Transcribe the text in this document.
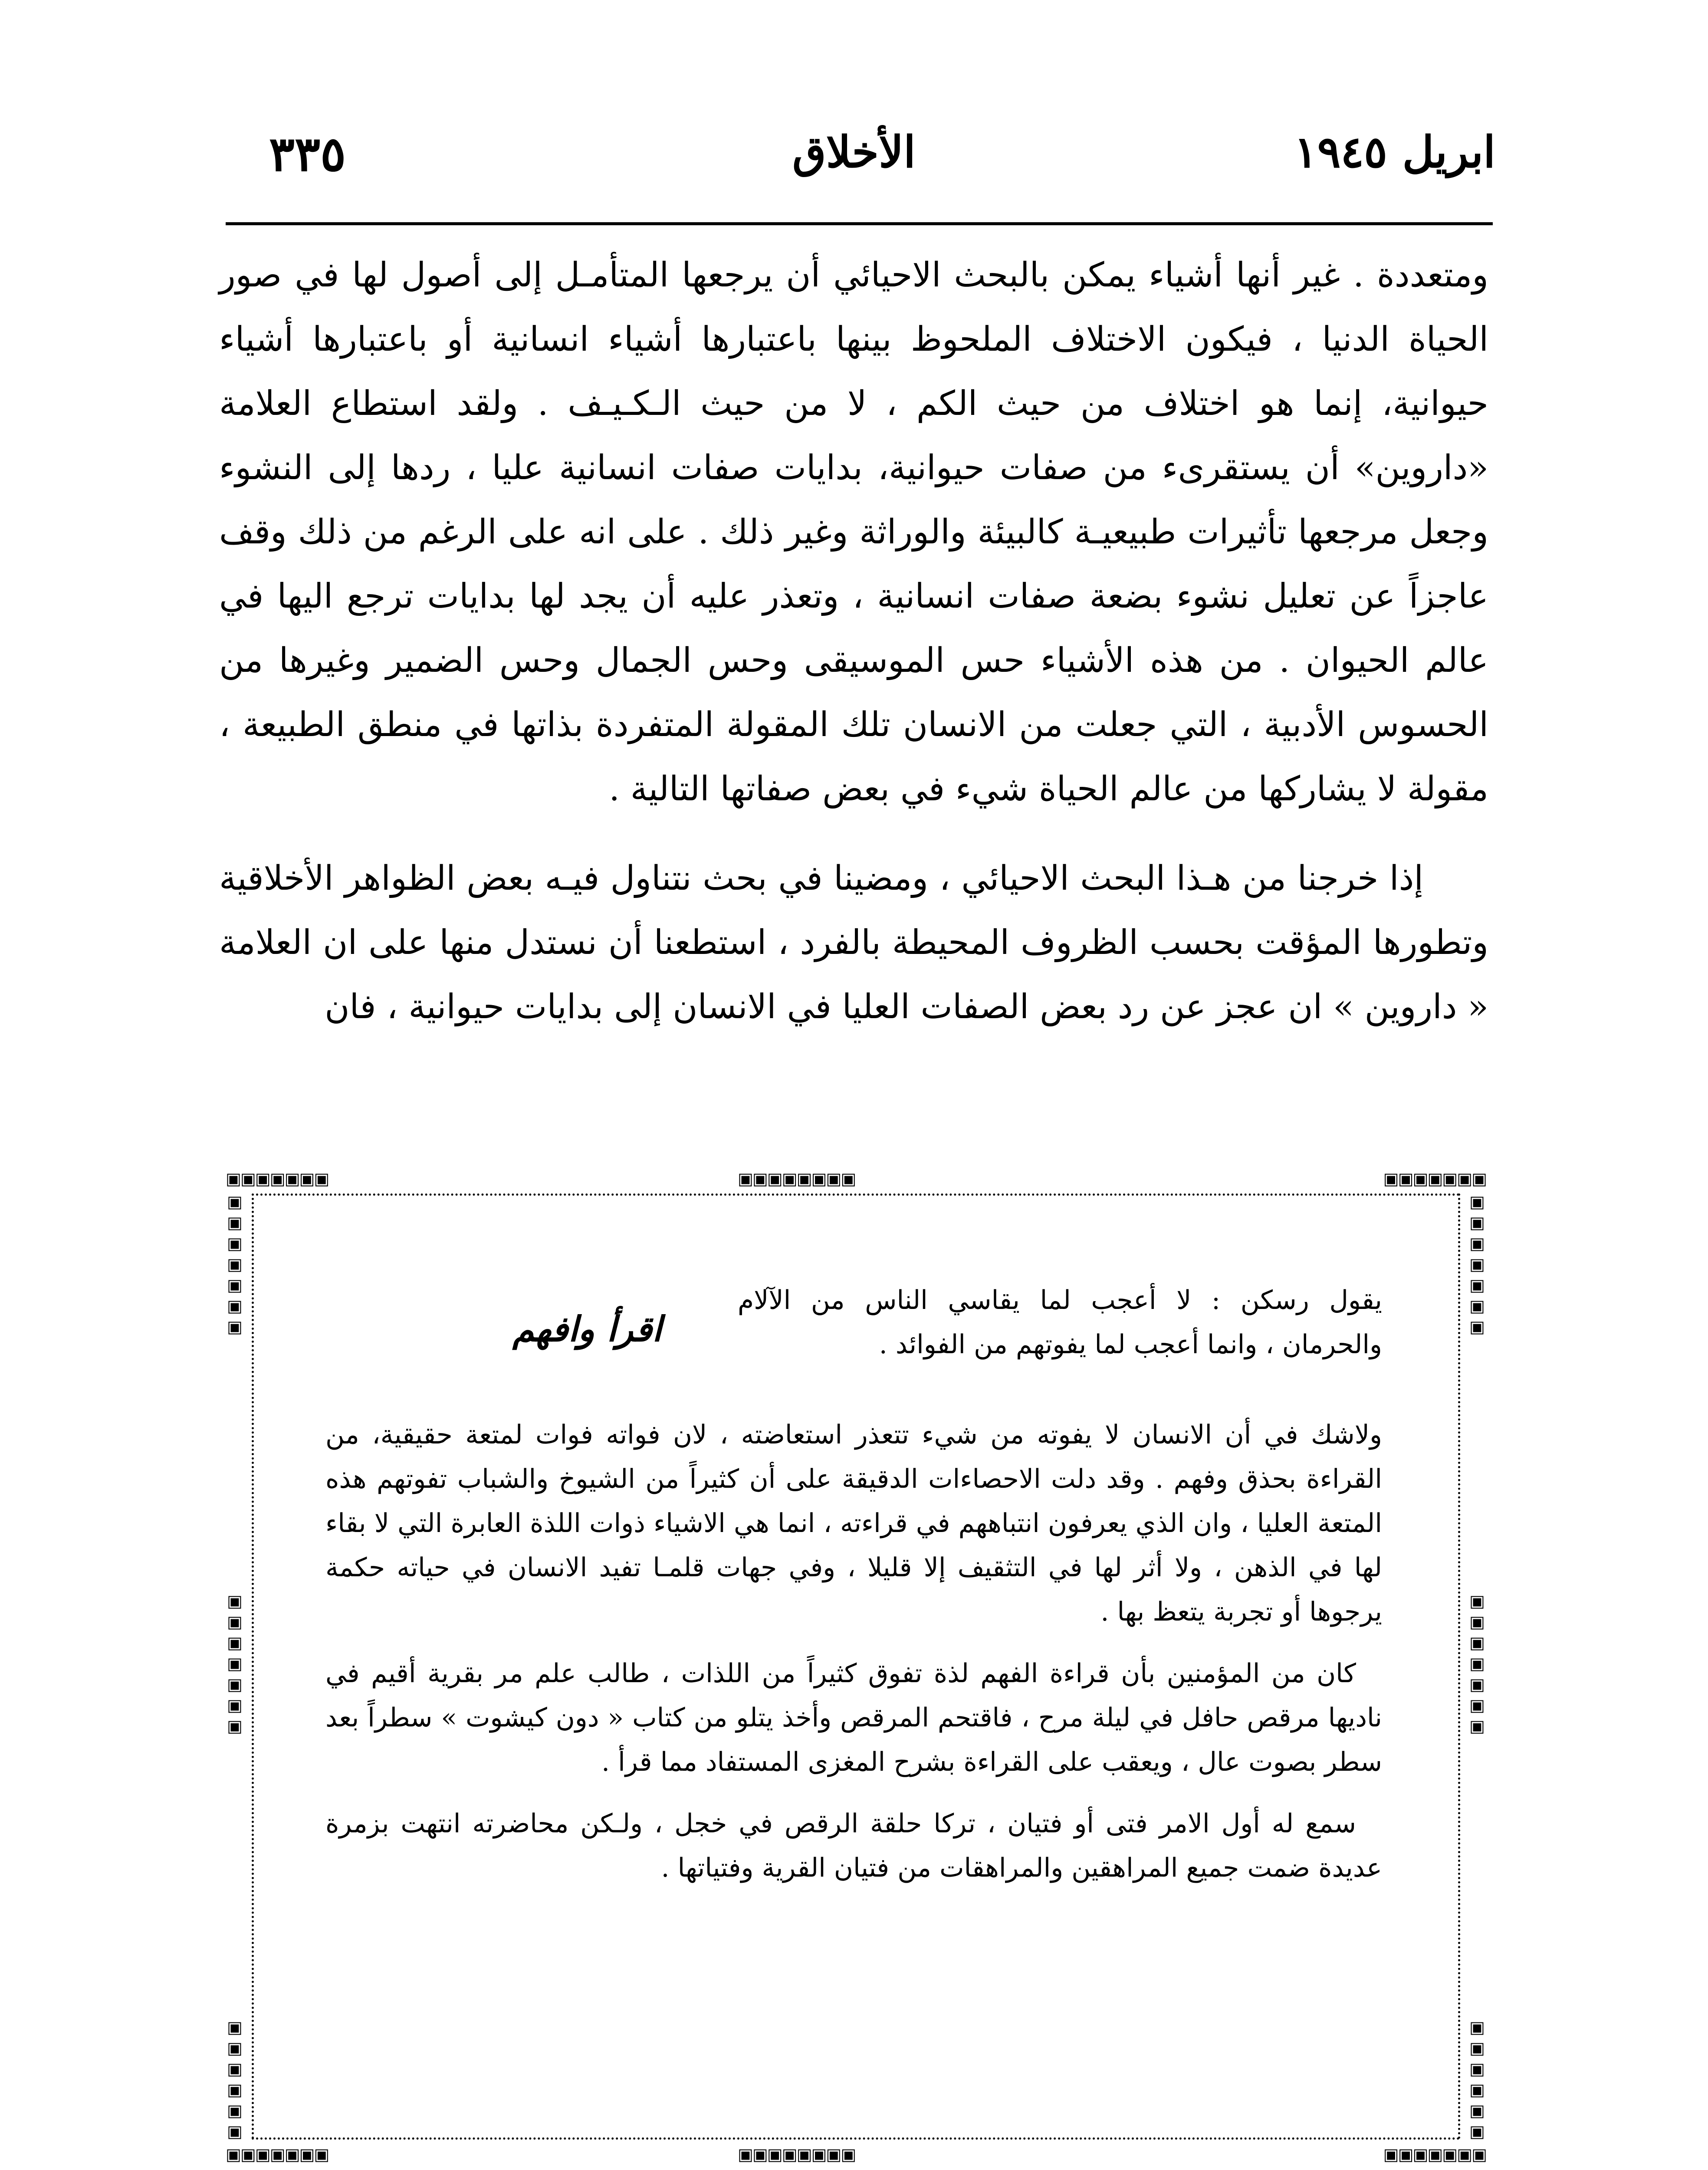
ابريل ١٩٤٥
الأخلاق
٣٣٥

ومتعددة . غير أنها أشياء يمكن بالبحث الاحيائي أن يرجعها المتأمـل إلى أصول لها في صور الحياة الدنيا ، فيكون الاختلاف الملحوظ بينها باعتبارها أشياء انسانية أو باعتبارها أشياء حيوانية، إنما هو اختلاف من حيث الكم ، لا من حيث الـكـيـف . ولقد استطاع العلامة «داروين» أن يستقرىء من صفات حيوانية، بدايات صفات انسانية عليا ، ردها إلى النشوء وجعل مرجعها تأثيرات طبيعيـة كالبيئة والوراثة وغير ذلك . على انه على الرغم من ذلك وقف عاجزاً عن تعليل نشوء بضعة صفات انسانية ، وتعذر عليه أن يجد لها بدايات ترجع اليها في عالم الحيوان . من هذه الأشياء حس الموسيقى وحس الجمال وحس الضمير وغيرها من الحسوس الأدبية ، التي جعلت من الانسان تلك المقولة المتفردة بذاتها في منطق الطبيعة ، مقولة لا يشاركها من عالم الحياة شيء في بعض صفاتها التالية .

إذا خرجنا من هـذا البحث الاحيائي ، ومضينا في بحث نتناول فيـه بعض الظواهر الأخلاقية وتطورها المؤقت بحسب الظروف المحيطة بالفرد ، استطعنا أن نستدل منها على ان العلامة « داروين » ان عجز عن رد بعض الصفات العليا في الانسان إلى بدايات حيوانية ، فان

▣▣▣▣▣▣▣	▣▣▣▣▣▣▣▣	▣▣▣▣▣▣▣
▣▣▣▣▣▣▣	▣▣▣▣▣▣▣▣	▣▣▣▣▣▣▣
▣
▣
▣
▣
▣
▣
▣
▣
▣
▣
▣
▣
▣
▣
▣
▣
▣
▣
▣
▣
▣
▣
▣
▣
▣
▣
▣
▣
▣
▣
▣
▣
▣
▣
▣
▣
▣
▣
▣
▣
اقرأ وافهم

يقول رسكن : لا أعجب لما يقاسي الناس من الآلام والحرمان ، وانما أعجب لما يفوتهم من الفوائد .

ولاشك في أن الانسان لا يفوته من شيء تتعذر استعاضته ، لان فواته فوات لمتعة حقيقية، من القراءة بحذق وفهم . وقد دلت الاحصاءات الدقيقة على أن كثيراً من الشيوخ والشباب تفوتهم هذه المتعة العليا ، وان الذي يعرفون انتباههم في قراءته ، انما هي الاشياء ذوات اللذة العابرة التي لا بقاء لها في الذهن ، ولا أثر لها في التثقيف إلا قليلا ، وفي جهات قلمـا تفيد الانسان في حياته حكمة يرجوها أو تجربة يتعظ بها .

كان من المؤمنين بأن قراءة الفهم لذة تفوق كثيراً من اللذات ، طالب علم مر بقرية أقيم في ناديها مرقص حافل في ليلة مرح ، فاقتحم المرقص وأخذ يتلو من كتاب « دون كيشوت » سطراً بعد سطر بصوت عال ، ويعقب على القراءة بشرح المغزى المستفاد مما قرأ .

سمع له أول الامر فتى أو فتيان ، تركا حلقة الرقص في خجل ، ولـكن محاضرته انتهت بزمرة عديدة ضمت جميع المراهقين والمراهقات من فتيان القرية وفتياتها .
